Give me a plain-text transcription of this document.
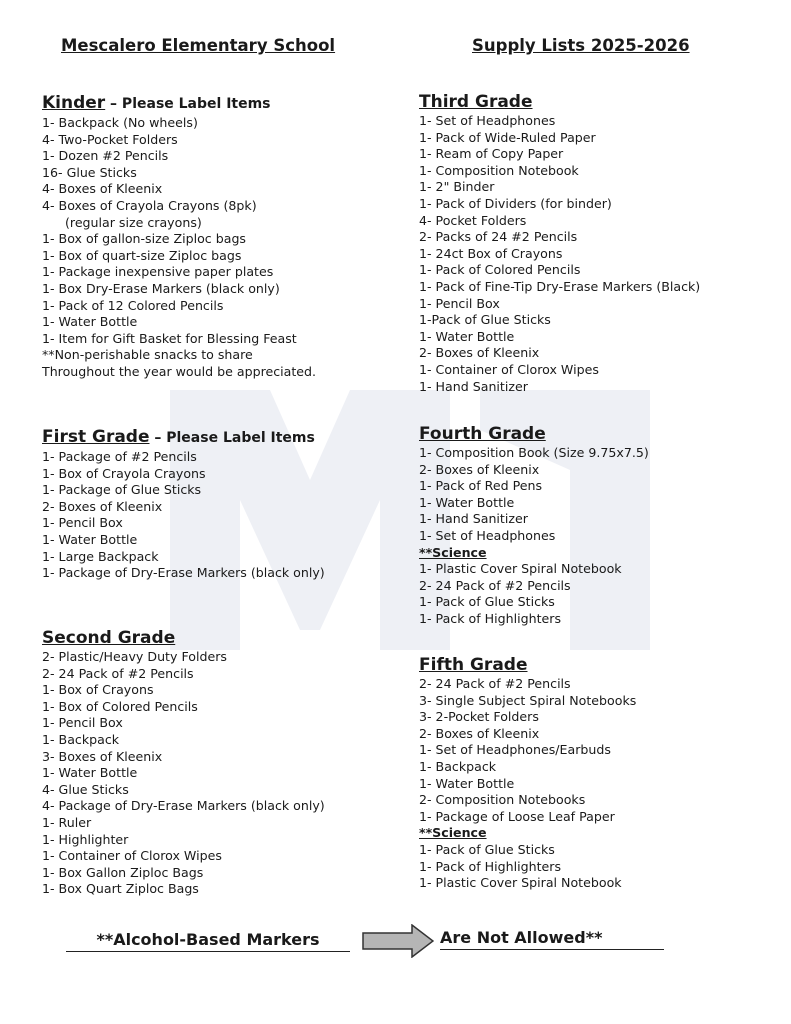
Mescalero Elementary School	Supply Lists 2025-2026
Kinder – Please Label Items
1- Backpack (No wheels)
4- Two-Pocket Folders
1- Dozen #2 Pencils
16- Glue Sticks
4- Boxes of Kleenix
4- Boxes of Crayola Crayons (8pk)
(regular size crayons)
1- Box of gallon-size Ziploc bags
1- Box of quart-size Ziploc bags
1- Package inexpensive paper plates
1- Box Dry-Erase Markers (black only)
1- Pack of 12 Colored Pencils
1- Water Bottle
1- Item for Gift Basket for Blessing Feast
**Non-perishable snacks to share
Throughout the year would be appreciated.
First Grade – Please Label Items
1- Package of #2 Pencils
1- Box of Crayola Crayons
1- Package of Glue Sticks
2- Boxes of Kleenix
1- Pencil Box
1- Water Bottle
1- Large Backpack
1- Package of Dry-Erase Markers (black only)
Second Grade
2- Plastic/Heavy Duty Folders
2- 24 Pack of #2 Pencils
1- Box of Crayons
1- Box of Colored Pencils
1- Pencil Box
1- Backpack
3- Boxes of Kleenix
1- Water Bottle
4- Glue Sticks
4- Package of Dry-Erase Markers (black only)
1- Ruler
1- Highlighter
1- Container of Clorox Wipes
1- Box Gallon Ziploc Bags
1- Box Quart Ziploc Bags
Third Grade
1- Set of Headphones
1- Pack of Wide-Ruled Paper
1- Ream of Copy Paper
1- Composition Notebook
1- 2" Binder
1- Pack of Dividers (for binder)
4- Pocket Folders
2- Packs of 24 #2 Pencils
1- 24ct Box of Crayons
1- Pack of Colored Pencils
1- Pack of Fine-Tip Dry-Erase Markers (Black)
1- Pencil Box
1-Pack of Glue Sticks
1- Water Bottle
2- Boxes of Kleenix
1- Container of Clorox Wipes
1- Hand Sanitizer
Fourth Grade
1- Composition Book (Size 9.75x7.5)
2- Boxes of Kleenix
1- Pack of Red Pens
1- Water Bottle
1- Hand Sanitizer
1- Set of Headphones
**Science
1- Plastic Cover Spiral Notebook
2- 24 Pack of #2 Pencils
1- Pack of Glue Sticks
1- Pack of Highlighters
Fifth Grade
2- 24 Pack of #2 Pencils
3- Single Subject Spiral Notebooks
3- 2-Pocket Folders
2- Boxes of Kleenix
1- Set of Headphones/Earbuds
1- Backpack
1- Water Bottle
2- Composition Notebooks
1- Package of Loose Leaf Paper
**Science
1- Pack of Glue Sticks
1- Pack of Highlighters
1- Plastic Cover Spiral Notebook
**Alcohol-Based Markers	Are Not Allowed**
